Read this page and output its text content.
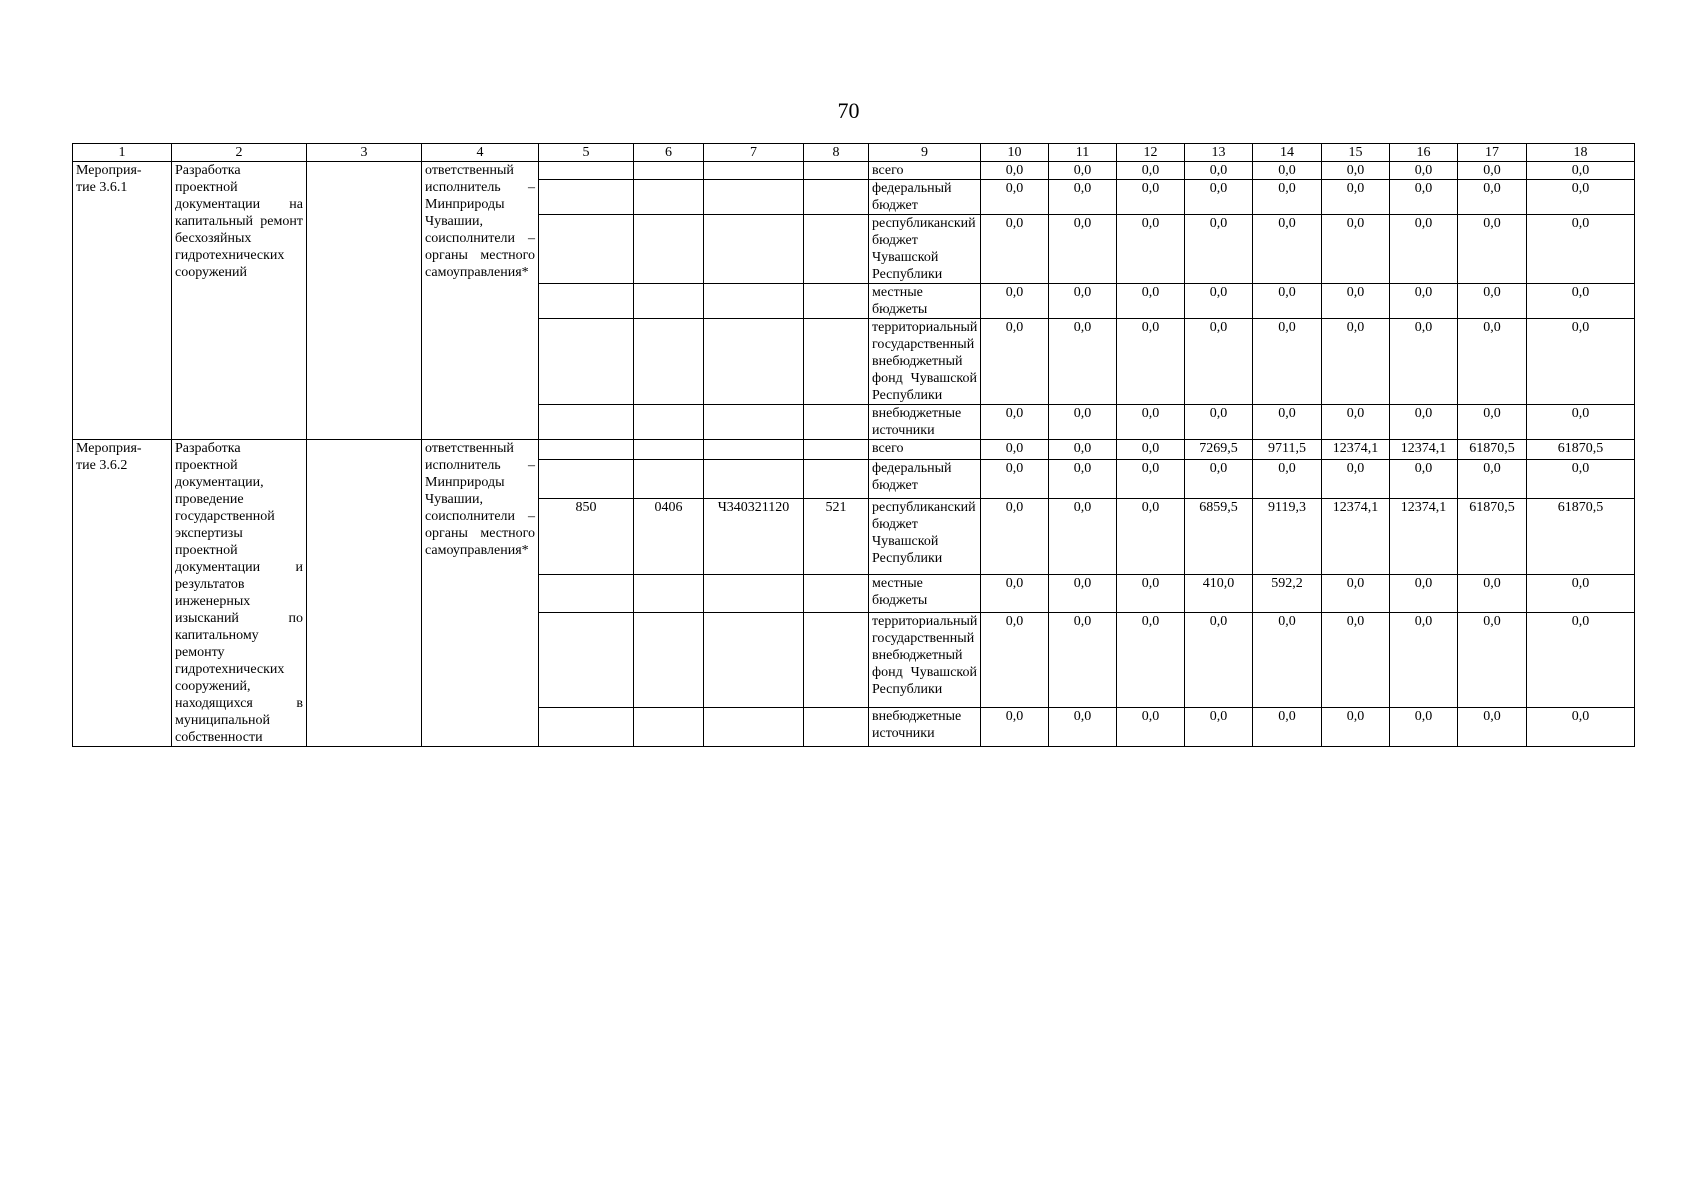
70
1	2	3	4	5	6	7	8	9	10	11	12	13	14	15	16	17	18
Мероприя-
тие 3.6.1	Разработка проектной документации на капитальный ремонт бесхозяйных гидротехнических сооружений		ответственный исполнитель – Минприроды Чувашии, соисполнители – органы местного самоуправления*					всего	0,0	0,0	0,0	0,0	0,0	0,0	0,0	0,0	0,0
								федеральный бюджет	0,0	0,0	0,0	0,0	0,0	0,0	0,0	0,0	0,0
								республиканский бюджет Чувашской Республики	0,0	0,0	0,0	0,0	0,0	0,0	0,0	0,0	0,0
								местные бюджеты	0,0	0,0	0,0	0,0	0,0	0,0	0,0	0,0	0,0
								территориальный государственный внебюджетный фонд Чувашской Республики	0,0	0,0	0,0	0,0	0,0	0,0	0,0	0,0	0,0
								внебюджетные источники	0,0	0,0	0,0	0,0	0,0	0,0	0,0	0,0	0,0
Мероприя-
тие 3.6.2	Разработка проектной документации, проведение государственной экспертизы проектной документации и результатов инженерных изысканий по капитальному ремонту гидротехнических сооружений, находящихся в муниципальной собственности		ответственный исполнитель – Минприроды Чувашии, соисполнители – органы местного самоуправления*					всего	0,0	0,0	0,0	7269,5	9711,5	12374,1	12374,1	61870,5	61870,5
								федеральный бюджет	0,0	0,0	0,0	0,0	0,0	0,0	0,0	0,0	0,0
				850	0406	Ч340321120	521	республиканский бюджет Чувашской Республики	0,0	0,0	0,0	6859,5	9119,3	12374,1	12374,1	61870,5	61870,5
								местные бюджеты	0,0	0,0	0,0	410,0	592,2	0,0	0,0	0,0	0,0
								территориальный государственный внебюджетный фонд Чувашской Республики	0,0	0,0	0,0	0,0	0,0	0,0	0,0	0,0	0,0
								внебюджетные источники	0,0	0,0	0,0	0,0	0,0	0,0	0,0	0,0	0,0
